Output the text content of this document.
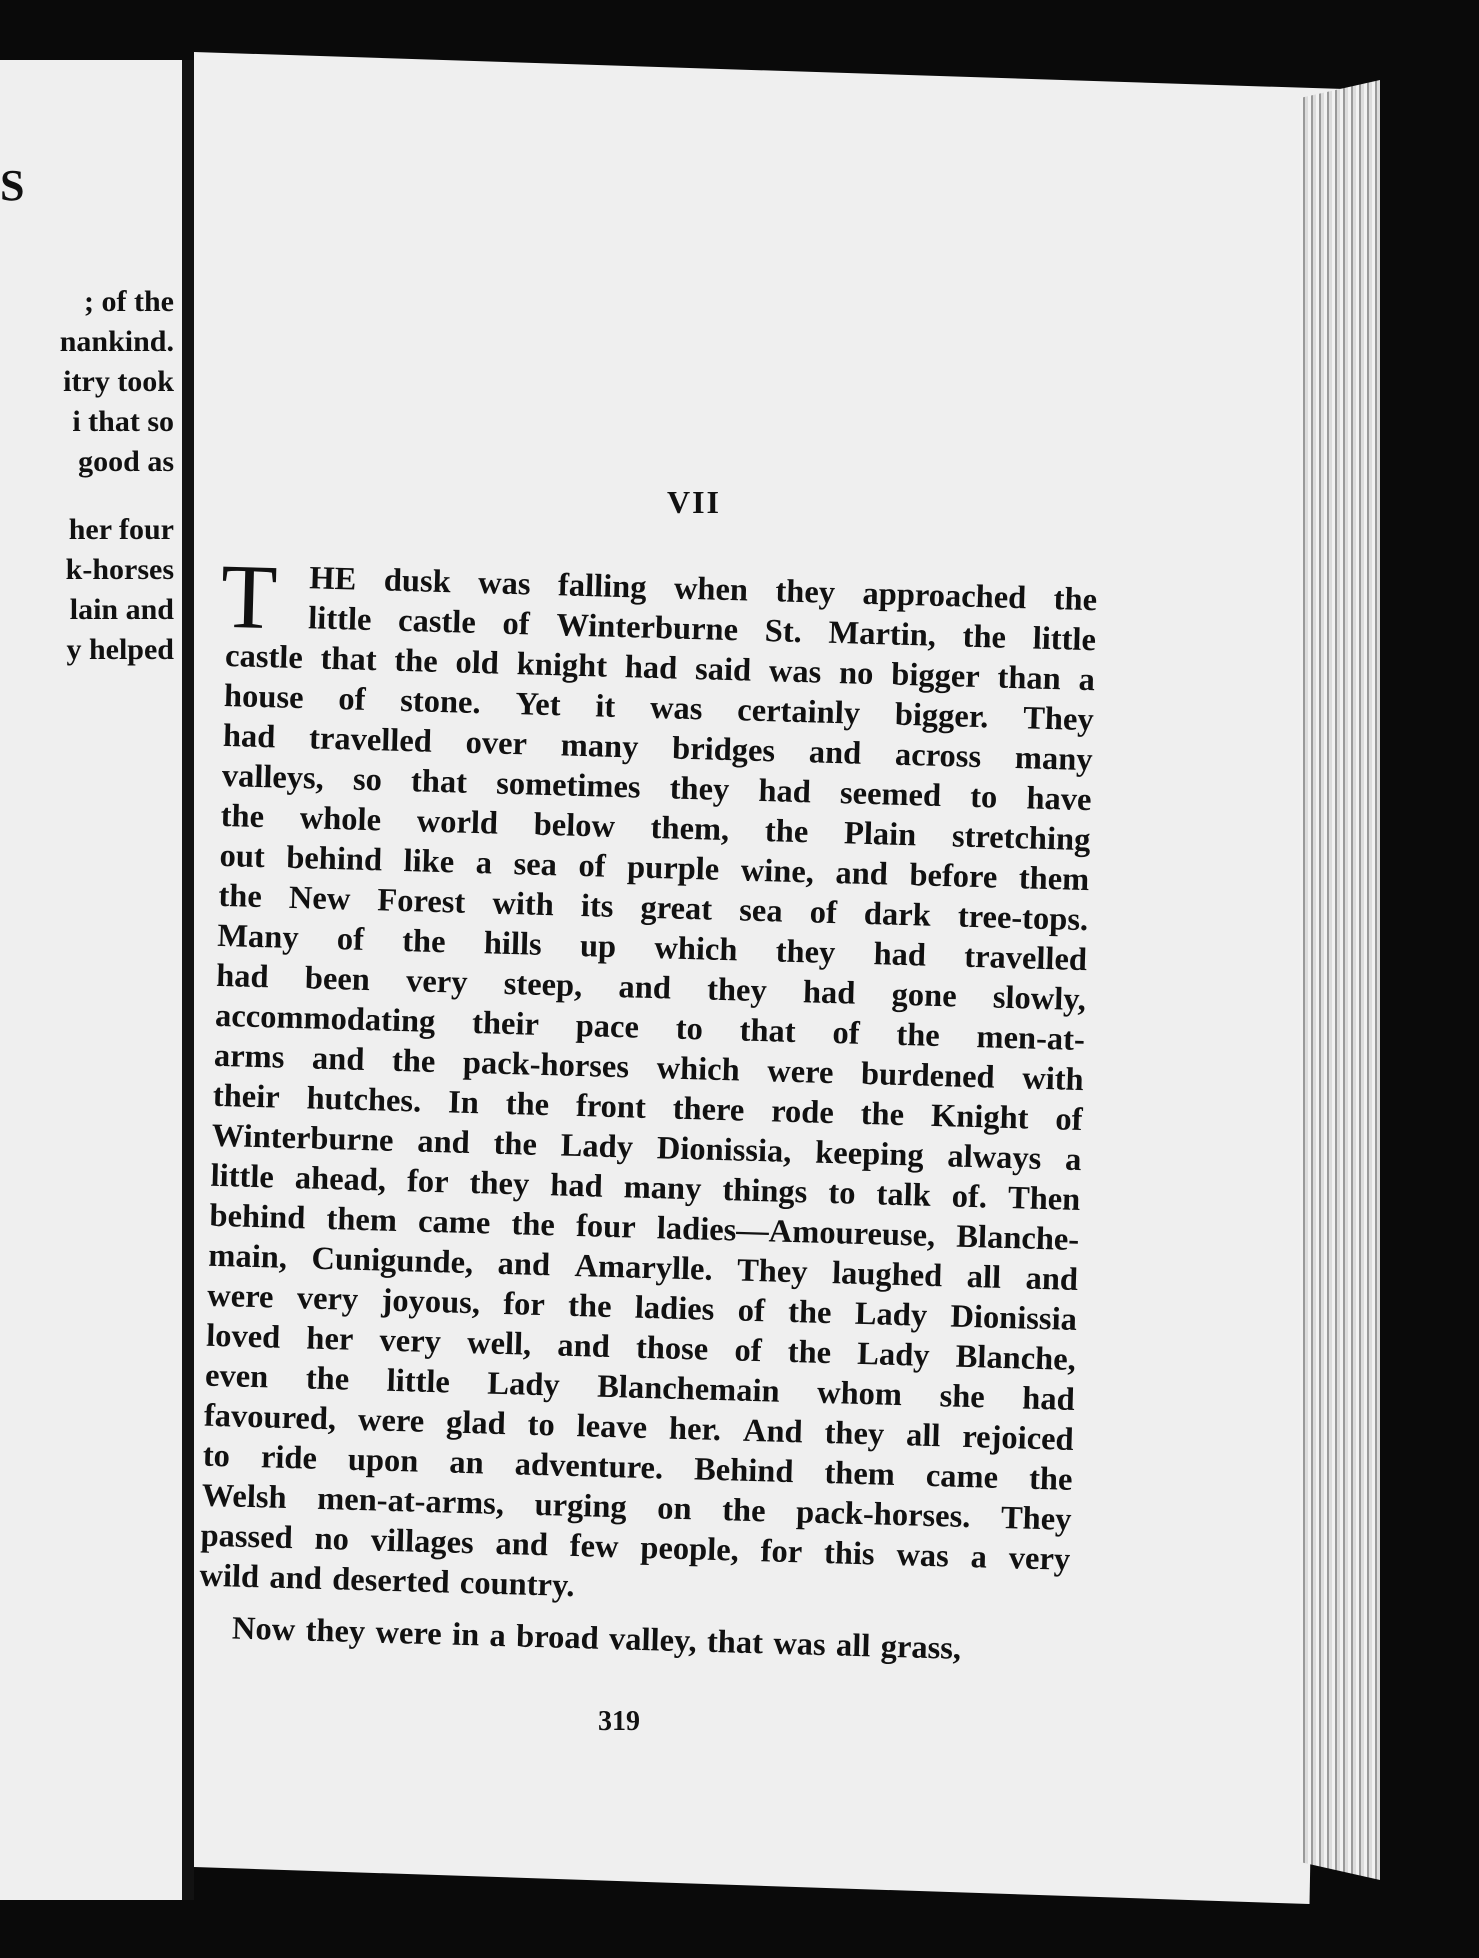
S
; of the
nankind.
itry took
i that so
good as
her four
k-horses
lain and
y helped
VII
T HE dusk was falling when they approached the
little castle of Winterburne St. Martin, the little
castle that the old knight had said was no bigger than a
house of stone. Yet it was certainly bigger. They
had travelled over many bridges and across many
valleys, so that sometimes they had seemed to have
the whole world below them, the Plain stretching
out behind like a sea of purple wine, and before them
the New Forest with its great sea of dark tree-tops.
Many of the hills up which they had travelled
had been very steep, and they had gone slowly,
accommodating their pace to that of the men-at-
arms and the pack-horses which were burdened with
their hutches. In the front there rode the Knight of
Winterburne and the Lady Dionissia, keeping always a
little ahead, for they had many things to talk of. Then
behind them came the four ladies—Amoureuse, Blanche-
main, Cunigunde, and Amarylle. They laughed all and
were very joyous, for the ladies of the Lady Dionissia
loved her very well, and those of the Lady Blanche,
even the little Lady Blanchemain whom she had
favoured, were glad to leave her. And they all rejoiced
to ride upon an adventure. Behind them came the
Welsh men-at-arms, urging on the pack-horses. They
passed no villages and few people, for this was a very
wild and deserted country.
Now they were in a broad valley, that was all grass,
319
